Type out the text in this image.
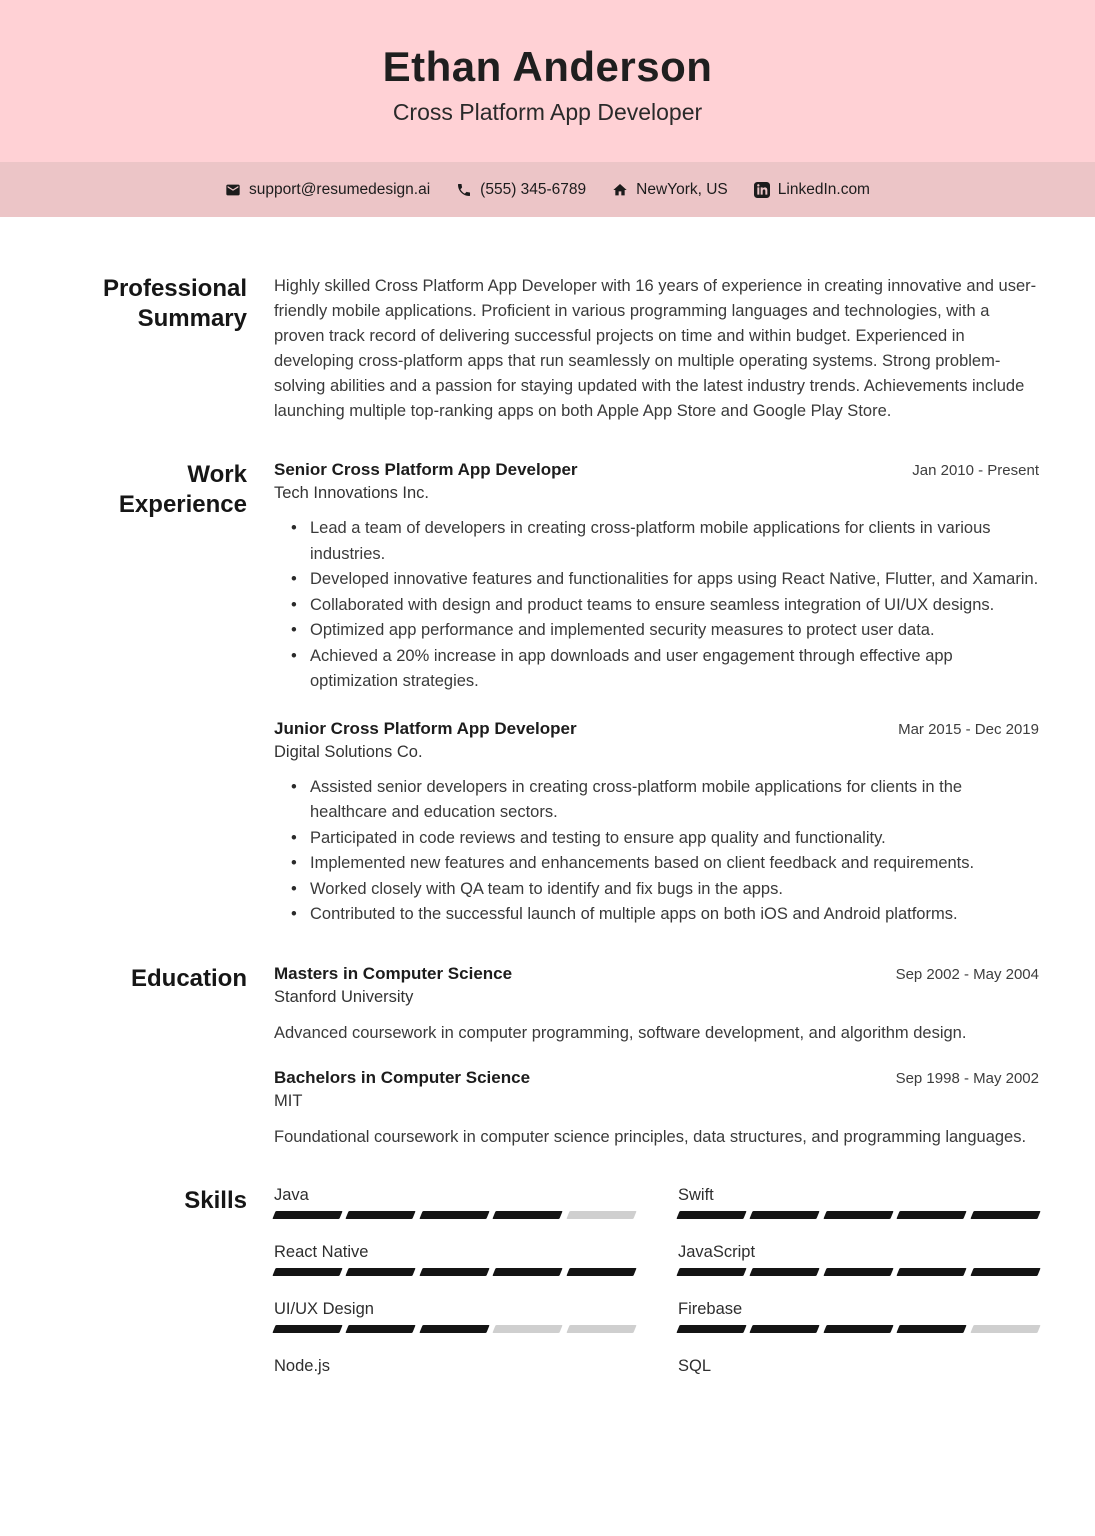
Ethan Anderson
Cross Platform App Developer
support@resumedesign.ai	(555) 345-6789	NewYork, US	LinkedIn.com
Professional Summary

Highly skilled Cross Platform App Developer with 16 years of experience in creating innovative and user-friendly mobile applications. Proficient in various programming languages and technologies, with a proven track record of delivering successful projects on time and within budget. Experienced in developing cross-platform apps that run seamlessly on multiple operating systems. Strong problem-solving abilities and a passion for staying updated with the latest industry trends. Achievements include launching multiple top-ranking apps on both Apple App Store and Google Play Store.

Work Experience
Senior Cross Platform App Developer	Jan 2010 - Present
Tech Innovations Inc.
• Lead a team of developers in creating cross-platform mobile applications for clients in various industries.
• Developed innovative features and functionalities for apps using React Native, Flutter, and Xamarin.
• Collaborated with design and product teams to ensure seamless integration of UI/UX designs.
• Optimized app performance and implemented security measures to protect user data.
• Achieved a 20% increase in app downloads and user engagement through effective app optimization strategies.
Junior Cross Platform App Developer	Mar 2015 - Dec 2019
Digital Solutions Co.
• Assisted senior developers in creating cross-platform mobile applications for clients in the healthcare and education sectors.
• Participated in code reviews and testing to ensure app quality and functionality.
• Implemented new features and enhancements based on client feedback and requirements.
• Worked closely with QA team to identify and fix bugs in the apps.
• Contributed to the successful launch of multiple apps on both iOS and Android platforms.
Education Masters in Computer Science	Sep 2002 - May 2004
Stanford University

Advanced coursework in computer programming, software development, and algorithm design.

Bachelors in Computer Science	Sep 1998 - May 2002
MIT

Foundational coursework in computer science principles, data structures, and programming languages.

Skills Java	Swift
React Native	JavaScript
UI/UX Design	Firebase
Node.js	SQL
